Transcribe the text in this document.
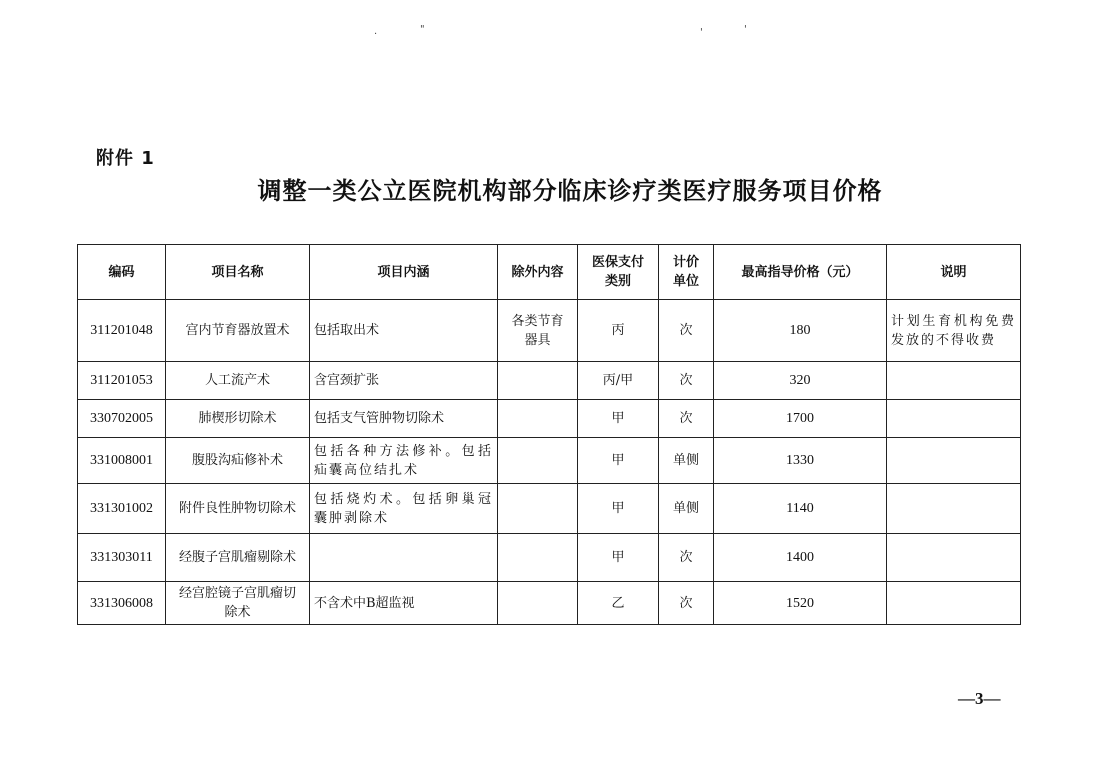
.	"	'	'
附件 1
调整一类公立医院机构部分临床诊疗类医疗服务项目价格
编码	项目名称	项目内涵	除外内容	医保支付类别	计价单位	最高指导价格（元）	说明
311201048	宫内节育器放置术	包括取出术	各类节育器具	丙	次	180	计划生育机构免费发放的不得收费
311201053	人工流产术	含宫颈扩张		丙/甲	次	320	
330702005	肺楔形切除术	包括支气管肿物切除术		甲	次	1700	
331008001	腹股沟疝修补术	包括各种方法修补。包括疝囊高位结扎术		甲	单侧	1330	
331301002	附件良性肿物切除术	包括烧灼术。包括卵巢冠囊肿剥除术		甲	单侧	1140	
331303011	经腹子宫肌瘤剔除术			甲	次	1400	
331306008	经宫腔镜子宫肌瘤切除术	不含术中B超监视		乙	次	1520	
—3—
